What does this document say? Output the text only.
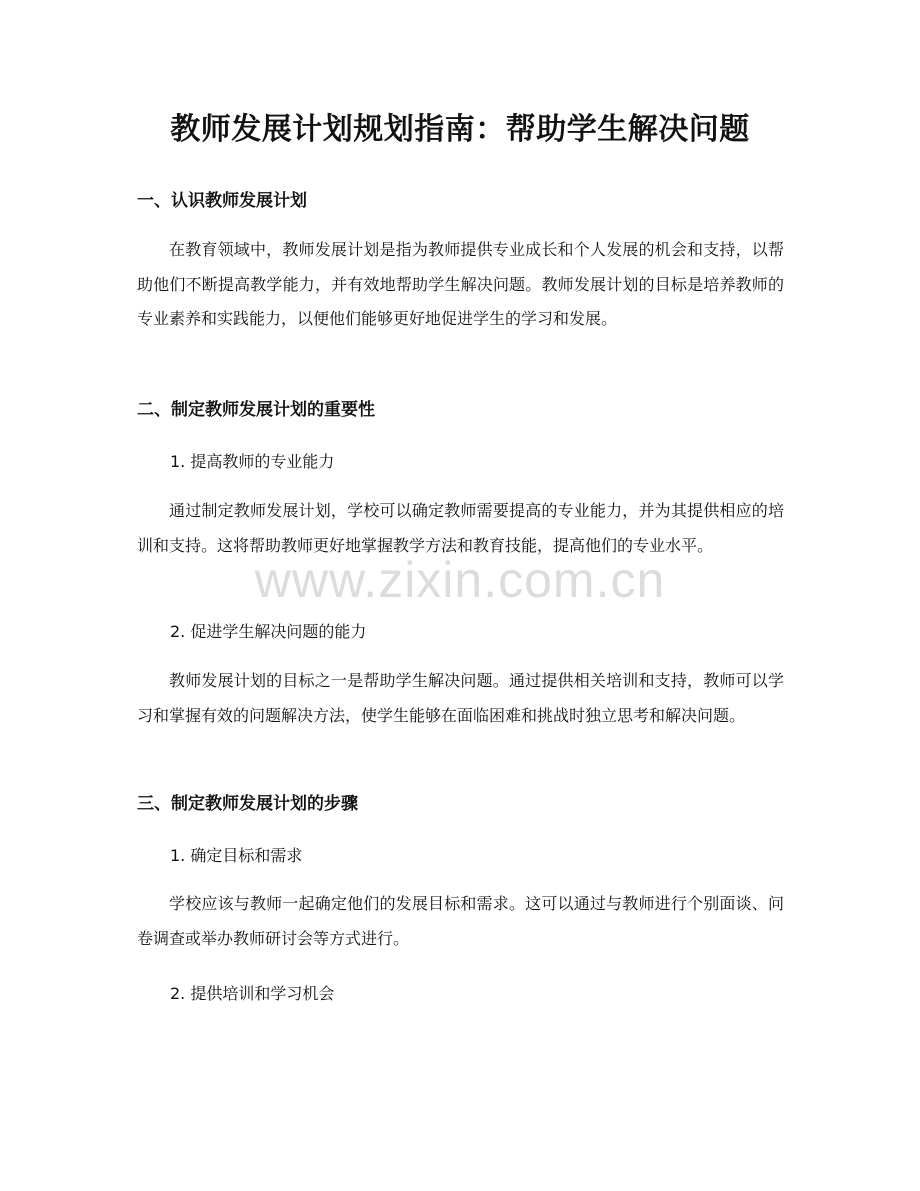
教师发展计划规划指南：帮助学生解决问题
一、认识教师发展计划

在教育领域中，教师发展计划是指为教师提供专业成长和个人发展的机会和支持，以帮助他们不断提高教学能力，并有效地帮助学生解决问题。教师发展计划的目标是培养教师的专业素养和实践能力，以便他们能够更好地促进学生的学习和发展。

二、制定教师发展计划的重要性

1. 提高教师的专业能力

通过制定教师发展计划，学校可以确定教师需要提高的专业能力，并为其提供相应的培训和支持。这将帮助教师更好地掌握教学方法和教育技能，提高他们的专业水平。

2. 促进学生解决问题的能力

教师发展计划的目标之一是帮助学生解决问题。通过提供相关培训和支持，教师可以学习和掌握有效的问题解决方法，使学生能够在面临困难和挑战时独立思考和解决问题。

三、制定教师发展计划的步骤

1. 确定目标和需求

学校应该与教师一起确定他们的发展目标和需求。这可以通过与教师进行个别面谈、问卷调查或举办教师研讨会等方式进行。

2. 提供培训和学习机会

www.zixin.com.cn
